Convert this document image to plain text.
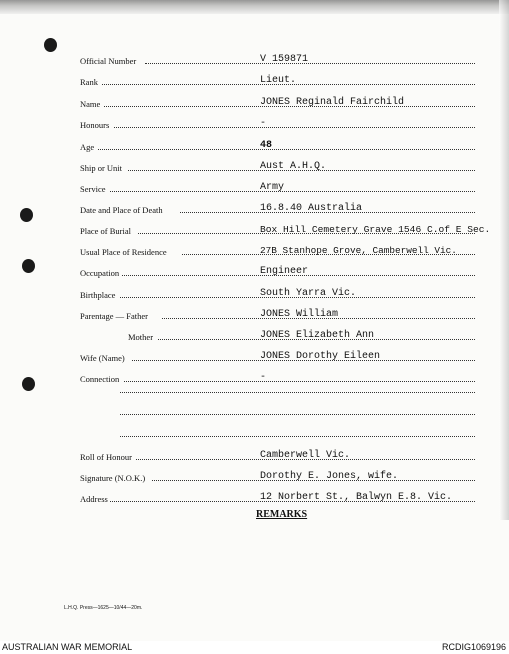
Official Number	V 159871
Rank	Lieut.
Name	JONES Reginald Fairchild
Honours	-
Age	48
Ship or Unit	Aust A.H.Q.
Service	Army
Date and Place of Death	16.8.40 Australia
Place of Burial	Box Hill Cemetery Grave 1546 C.of E Sec.
Usual Place of Residence	27B Stanhope Grove, Camberwell Vic.
Occupation	Engineer
Birthplace	South Yarra Vic.
Parentage — Father	JONES William
Mother	JONES Elizabeth Ann
Wife (Name)	JONES Dorothy Eileen
Connection	-
Roll of Honour	Camberwell Vic.
Signature (N.O.K.)	Dorothy E. Jones, wife.
Address	12 Norbert St., Balwyn E.8. Vic.
REMARKS
L.H.Q. Press—1625—10/44—20m.
AUSTRALIAN WAR MEMORIAL	RCDIG1069196
